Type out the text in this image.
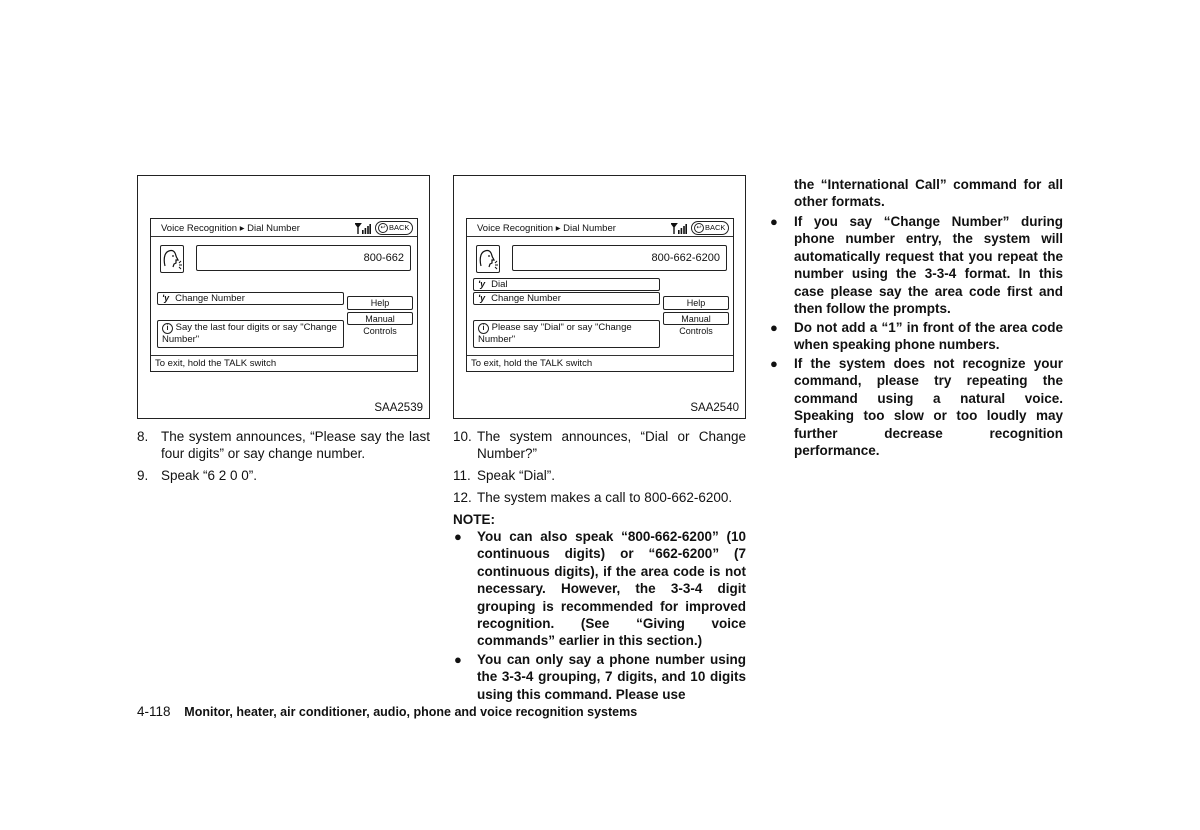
Voice Recognition ▸ Dial Number	↩ BACK
800-662
ʹy Change Number	Help
Manual Controls
i Say the last four digits or say "Change Number"
To exit, hold the TALK switch
SAA2539
Voice Recognition ▸ Dial Number	↩ BACK
800-662-6200
ʹy Dial
ʹy Change Number	Help
Manual Controls
i Please say "Dial" or say "Change Number"
To exit, hold the TALK switch
SAA2540
8. The system announces, “Please say the last four digits” or say change number.
9. Speak “6 2 0 0”.
10. The system announces, “Dial or Change Number?”
11. Speak “Dial”.
12. The system makes a call to 800-662-6200.
NOTE:
● You can also speak “800-662-6200” (10 continuous digits) or “662-6200” (7 continuous digits), if the area code is not necessary. However, the 3-3-4 digit grouping is recommended for improved recognition. (See “Giving voice commands” earlier in this section.)
● You can only say a phone number using the 3-3-4 grouping, 7 digits, and 10 digits using this command. Please use
the “International Call” command for all other formats.
● If you say “Change Number” during phone number entry, the system will automatically request that you repeat the number using the 3-3-4 format. In this case please say the area code first and then follow the prompts.
● Do not add a “1” in front of the area code when speaking phone numbers.
● If the system does not recognize your command, please try repeating the command using a natural voice. Speaking too slow or too loudly may further decrease recognition performance.
4-118 Monitor, heater, air conditioner, audio, phone and voice recognition systems
